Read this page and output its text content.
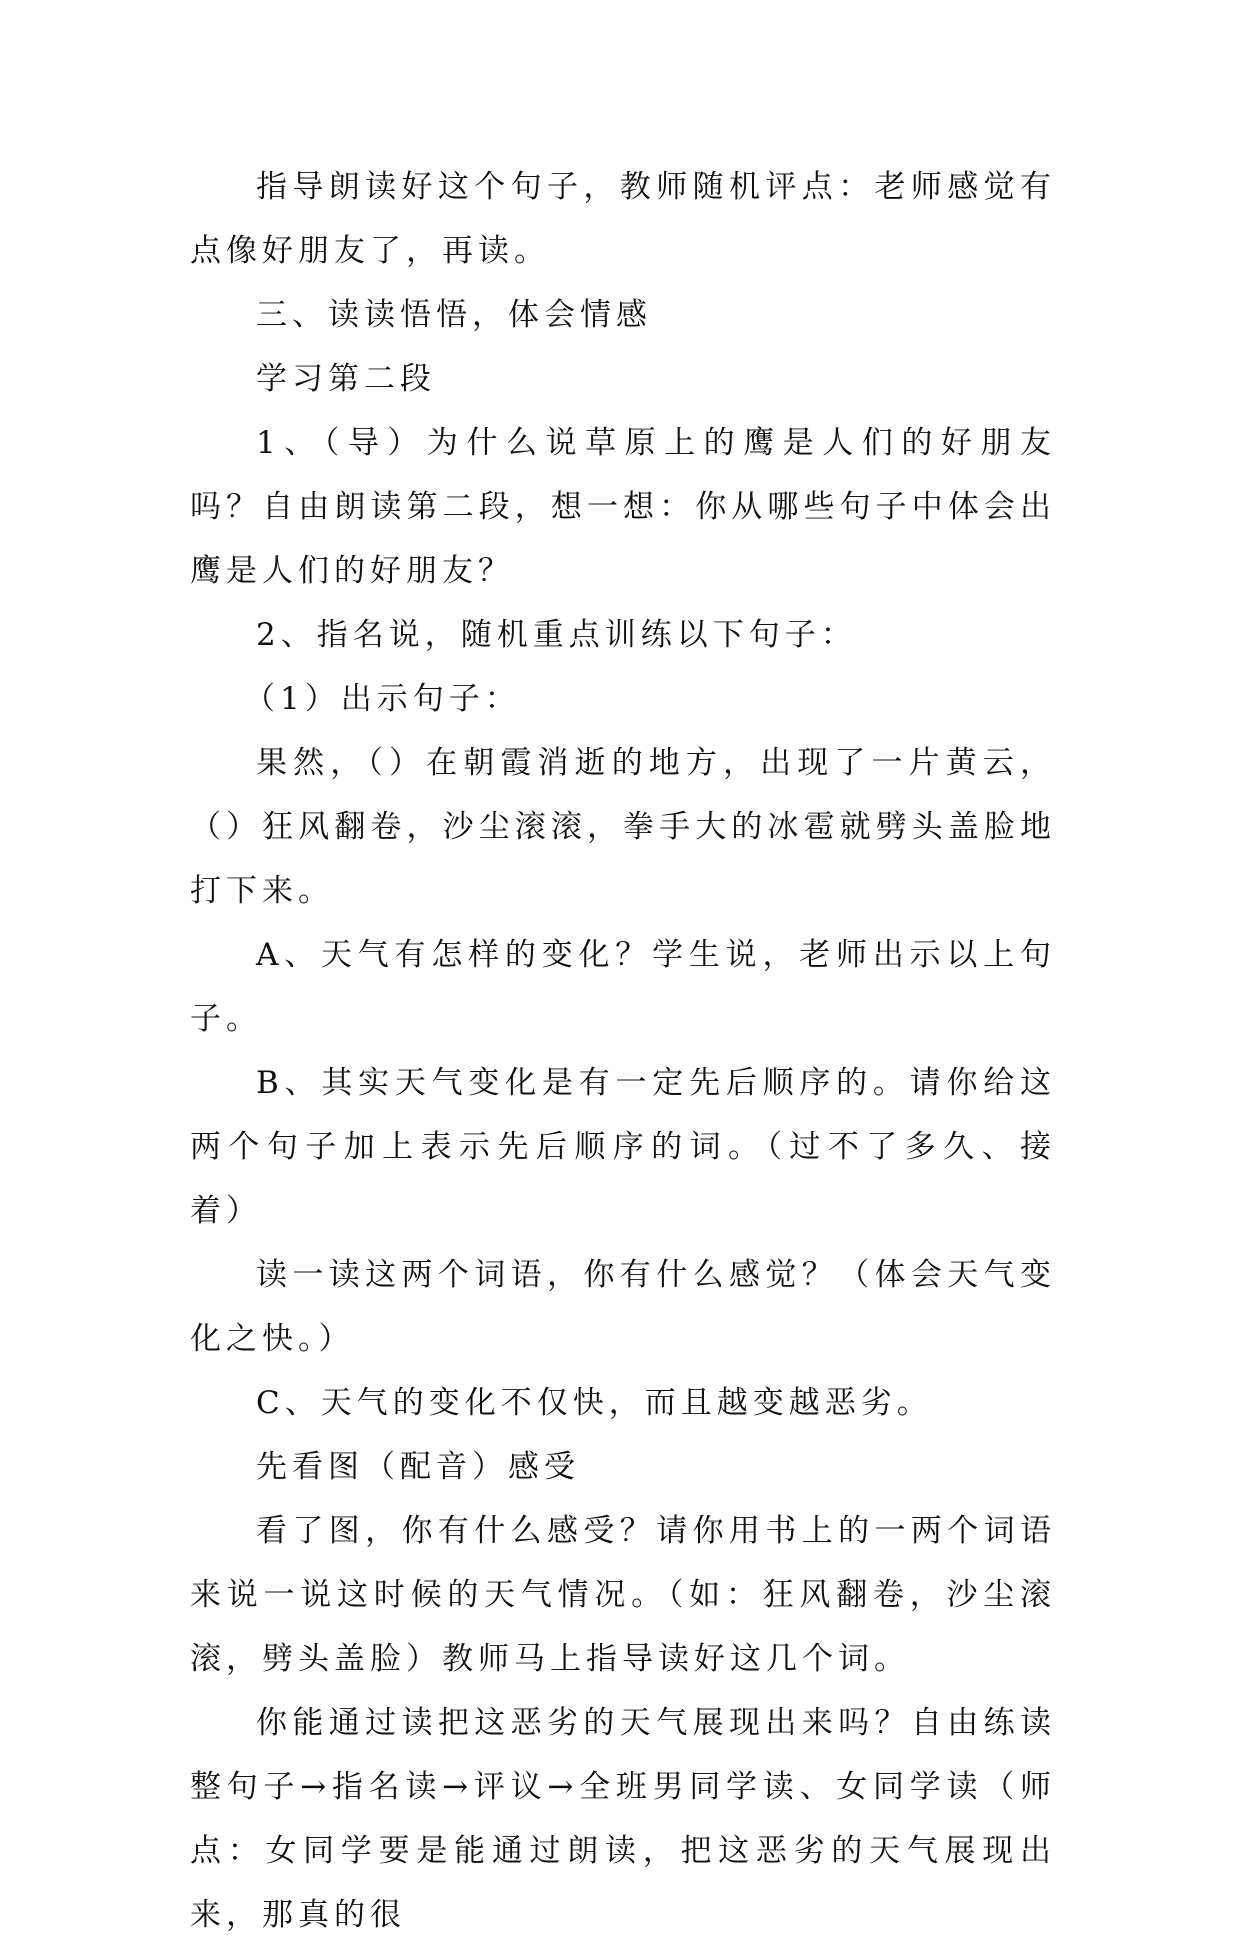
指导朗读好这个句子，教师随机评点：老师感觉有点像好朋友了，再读。

三、读读悟悟，体会情感

学习第二段

1、（导）为什么说草原上的鹰是人们的好朋友吗？自由朗读第二段，想一想：你从哪些句子中体会出鹰是人们的好朋友？

2、指名说，随机重点训练以下句子：

（1）出示句子：

果然，（）在朝霞消逝的地方，出现了一片黄云，（）狂风翻卷，沙尘滚滚，拳手大的冰雹就劈头盖脸地打下来。

A、天气有怎样的变化？学生说，老师出示以上句子。

B、其实天气变化是有一定先后顺序的。请你给这两个句子加上表示先后顺序的词。（过不了多久、接着）

读一读这两个词语，你有什么感觉？（体会天气变化之快。）

C、天气的变化不仅快，而且越变越恶劣。

先看图（配音）感受

看了图，你有什么感受？请你用书上的一两个词语来说一说这时候的天气情况。（如：狂风翻卷，沙尘滚滚，劈头盖脸）教师马上指导读好这几个词。

你能通过读把这恶劣的天气展现出来吗？自由练读整句子→指名读→评议→全班男同学读、女同学读（师点：女同学要是能通过朗读，把这恶劣的天气展现出来，那真的很
